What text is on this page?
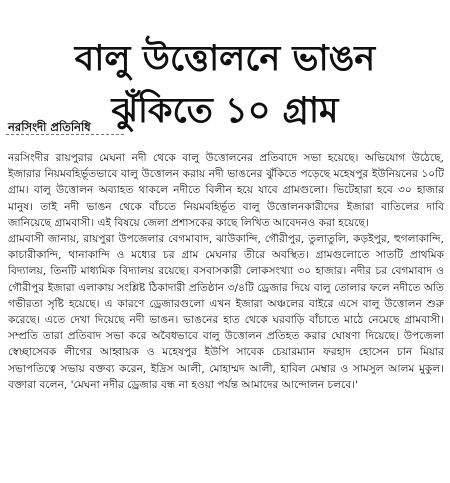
বালু উত্তোলনে ভাঙন
ঝুঁকিতে ১০ গ্রাম
নরসিংদী প্রতিনিধি

নরসিংদীর রায়পুরার মেঘনা নদী থেকে বালু উত্তোলনের প্রতিবাদে সভা হয়েছে। অভিযোগ উঠেছে, ইজারার নিয়মবহির্ভূতভাবে বালু উত্তোলন করায় নদী ভাঙনের ঝুঁকিতে পড়েছে মহেষপুর ইউনিয়নের ১০টি গ্রাম। বালু উত্তোলন অব্যাহত থাকলে নদীতে বিলীন হয়ে যাবে গ্রামগুলো। ভিটেহারা হবে ৩০ হাজার মানুষ। তাই নদী ভাঙন থেকে বাঁচতে নিয়মবহির্ভূত বালু উত্তোলনকারীদের ইজারা বাতিলের দাবি জানিয়েছে গ্রামবাসী। এই বিষয়ে জেলা প্রশাসকের কাছে লিখিত আবেদনও করা হয়েছে।

গ্রামবাসী জানায়, রায়পুরা উপজেলার বেগমাবাদ, ঝাউকান্দি, গৌরীপুর, তুলাতুলি, কড়ইপুর, হুগলাকান্দি, কাচারীকান্দি, থানাকান্দি ও মধ্যের চর গ্রাম মেঘনার তীরে অবস্থিত। গ্রামগুলোতে সাতটি প্রাথমিক বিদ্যালয়, তিনটি মাধ্যমিক বিদ্যালয় রয়েছে। বসবাসকারী লোকসংখ্যা ৩০ হাজার। নদীর চর বেগমাবাদ ও গৌরীপুর ইজারা এলাকায় সংশ্লিষ্ট ঠিকাদারী প্রতিষ্ঠান ৩/৪টি ড্রেজার দিয়ে বালু তোলার ফলে নদীতে অতি গভীরতা সৃষ্টি হয়েছে। এ কারণে ড্রেজারগুলো এখন ইজারা অঞ্চলের বাইরে এসে বালু উত্তোলন শুরু করেছে। এতে দেখা দিয়েছে নদী ভাঙন। ভাঙনের হাত থেকে ঘরবাড়ি বাঁচাতে মাঠে নেমেছে গ্রামবাসী। সম্প্রতি তারা প্রতিবাদ সভা করে অবৈধভাবে বালু উত্তোলন প্রতিহত করার ঘোষণা দিয়েছে। উপজেলা স্বেচ্ছাসেবক লীগের আহ্বায়ক ও মহেষপুর ইউপি সাবেক চেয়ারম্যান ফরহাদ হোসেন চান মিয়ার সভাপতিত্বে সভায় বক্তব্য করেন, ইদ্রিস আলী, মোহাম্মদ আলী, হাবিল মেম্বার ও সামসুল আলম মুকুল। বক্তারা বলেন, 'মেঘনা নদীর ড্রেজার বন্ধ না হওয়া পর্যন্ত আমাদের আন্দোলন চলবে।'
